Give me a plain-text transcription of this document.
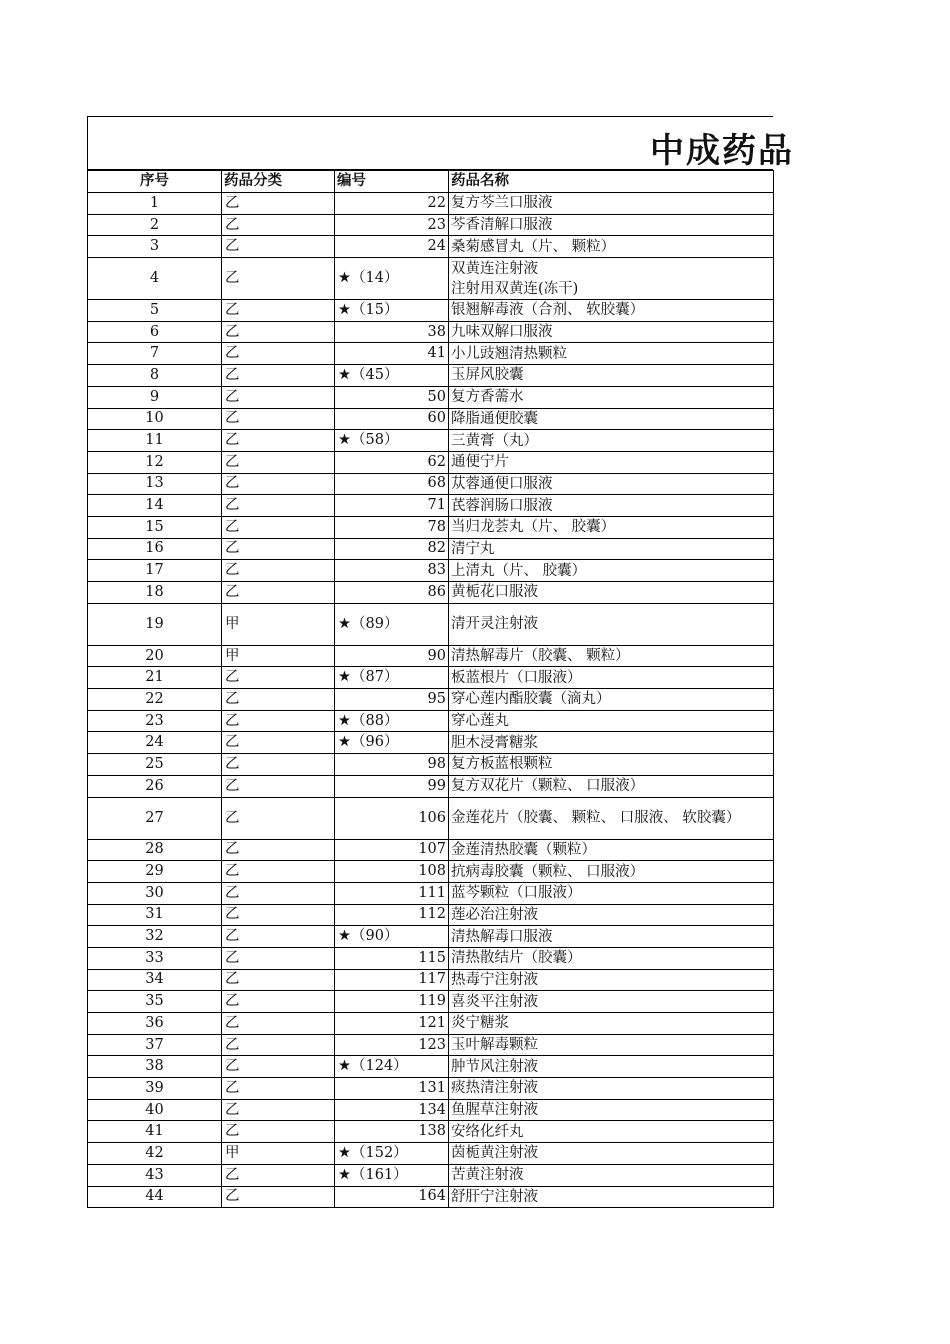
中成药品
序号	药品分类	编号	药品名称
1	乙	22	复方芩兰口服液
2	乙	23	芩香清解口服液
3	乙	24	桑菊感冒丸（片、 颗粒）
4	乙	★（14）	双黄连注射液
注射用双黄连(冻干)
5	乙	★（15）	银翘解毒液（合剂、 软胶囊）
6	乙	38	九味双解口服液
7	乙	41	小儿豉翘清热颗粒
8	乙	★（45）	玉屏风胶囊
9	乙	50	复方香薷水
10	乙	60	降脂通便胶囊
11	乙	★（58）	三黄膏（丸）
12	乙	62	通便宁片
13	乙	68	苁蓉通便口服液
14	乙	71	芪蓉润肠口服液
15	乙	78	当归龙荟丸（片、 胶囊）
16	乙	82	清宁丸
17	乙	83	上清丸（片、 胶囊）
18	乙	86	黄栀花口服液
19	甲	★（89）	清开灵注射液
20	甲	90	清热解毒片（胶囊、 颗粒）
21	乙	★（87）	板蓝根片（口服液）
22	乙	95	穿心莲内酯胶囊（滴丸）
23	乙	★（88）	穿心莲丸
24	乙	★（96）	胆木浸膏糖浆
25	乙	98	复方板蓝根颗粒
26	乙	99	复方双花片（颗粒、 口服液）
27	乙	106	金莲花片（胶囊、 颗粒、 口服液、 软胶囊）
28	乙	107	金莲清热胶囊（颗粒）
29	乙	108	抗病毒胶囊（颗粒、 口服液）
30	乙	111	蓝芩颗粒（口服液）
31	乙	112	莲必治注射液
32	乙	★（90）	清热解毒口服液
33	乙	115	清热散结片（胶囊）
34	乙	117	热毒宁注射液
35	乙	119	喜炎平注射液
36	乙	121	炎宁糖浆
37	乙	123	玉叶解毒颗粒
38	乙	★（124）	肿节风注射液
39	乙	131	痰热清注射液
40	乙	134	鱼腥草注射液
41	乙	138	安络化纤丸
42	甲	★（152）	茵栀黄注射液
43	乙	★（161）	苦黄注射液
44	乙	164	舒肝宁注射液
